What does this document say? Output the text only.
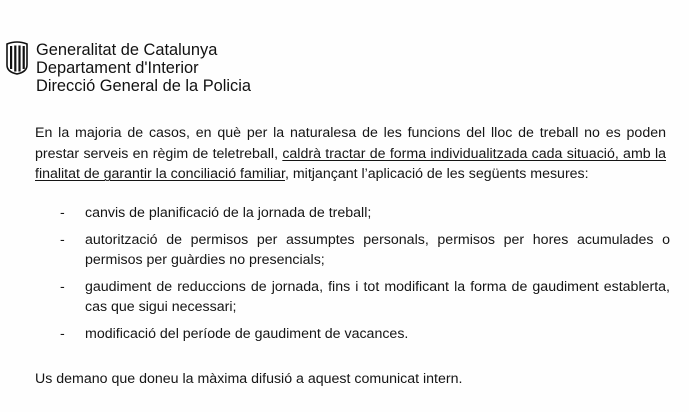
Generalitat de Catalunya
Departament d'Interior
Direcció General de la Policia
En la majoria de casos, en què per la naturalesa de les funcions del lloc de treball no es poden prestar serveis en règim de teletreball, caldrà tractar de forma individualitzada cada situació, amb la finalitat de garantir la conciliació familiar, mitjançant l’aplicació de les següents mesures:
- canvis de planificació de la jornada de treball;
- autorització de permisos per assumptes personals, permisos per hores acumulades o permisos per guàrdies no presencials;
- gaudiment de reduccions de jornada, fins i tot modificant la forma de gaudiment establerta, cas que sigui necessari;
- modificació del període de gaudiment de vacances.
Us demano que doneu la màxima difusió a aquest comunicat intern.
